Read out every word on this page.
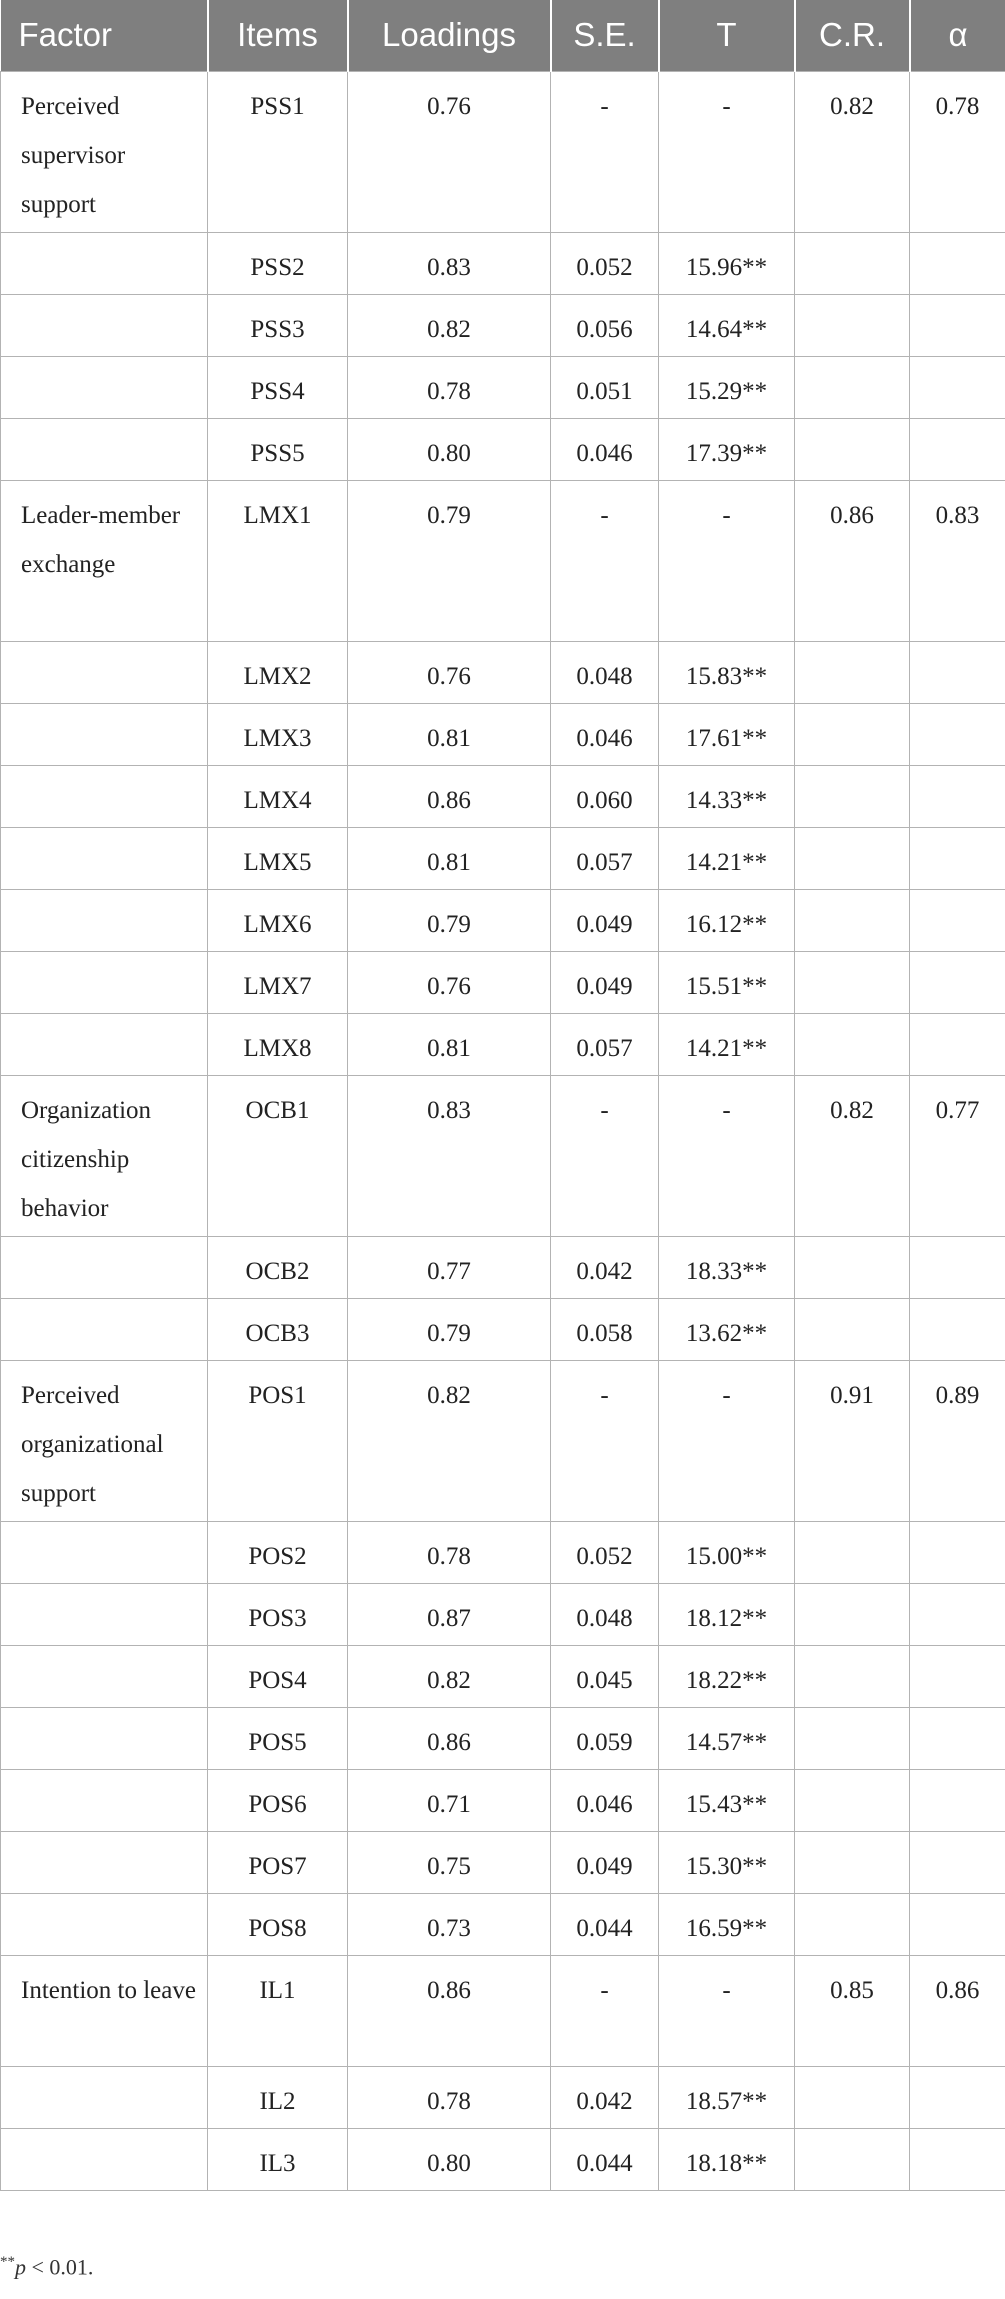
Factor	Items	Loadings	S.E.	T	C.R.	α
Perceived supervisor support	PSS1	0.76	-	-	0.82	0.78
	PSS2	0.83	0.052	15.96**		
	PSS3	0.82	0.056	14.64**		
	PSS4	0.78	0.051	15.29**		
	PSS5	0.80	0.046	17.39**		
Leader-member exchange	LMX1	0.79	-	-	0.86	0.83
	LMX2	0.76	0.048	15.83**		
	LMX3	0.81	0.046	17.61**		
	LMX4	0.86	0.060	14.33**		
	LMX5	0.81	0.057	14.21**		
	LMX6	0.79	0.049	16.12**		
	LMX7	0.76	0.049	15.51**		
	LMX8	0.81	0.057	14.21**		
Organization citizenship behavior	OCB1	0.83	-	-	0.82	0.77
	OCB2	0.77	0.042	18.33**		
	OCB3	0.79	0.058	13.62**		
Perceived organizational support	POS1	0.82	-	-	0.91	0.89
	POS2	0.78	0.052	15.00**		
	POS3	0.87	0.048	18.12**		
	POS4	0.82	0.045	18.22**		
	POS5	0.86	0.059	14.57**		
	POS6	0.71	0.046	15.43**		
	POS7	0.75	0.049	15.30**		
	POS8	0.73	0.044	16.59**		
Intention to leave	IL1	0.86	-	-	0.85	0.86
	IL2	0.78	0.042	18.57**		
	IL3	0.80	0.044	18.18**		
**p < 0.01.
